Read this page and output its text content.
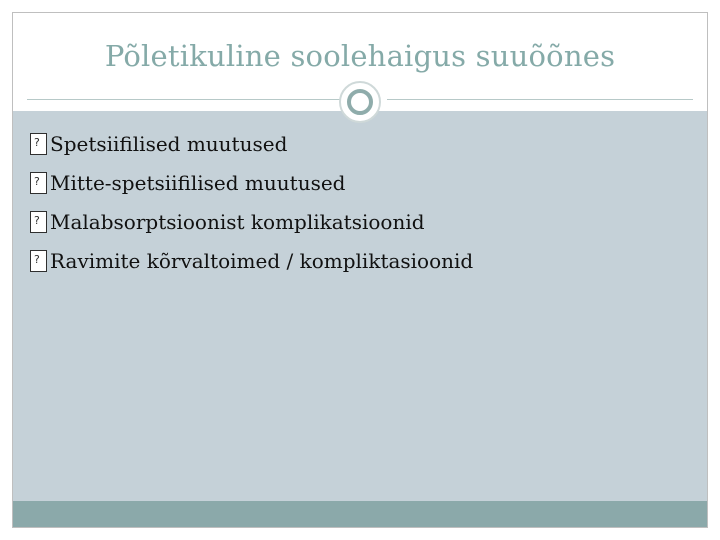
Põletikuline soolehaigus suuõõnes
?
Spetsiifilised muutused
?
Mitte-spetsiifilised muutused
?
Malabsorptsioonist komplikatsioonid
?
Ravimite kõrvaltoimed / kompliktasioonid
